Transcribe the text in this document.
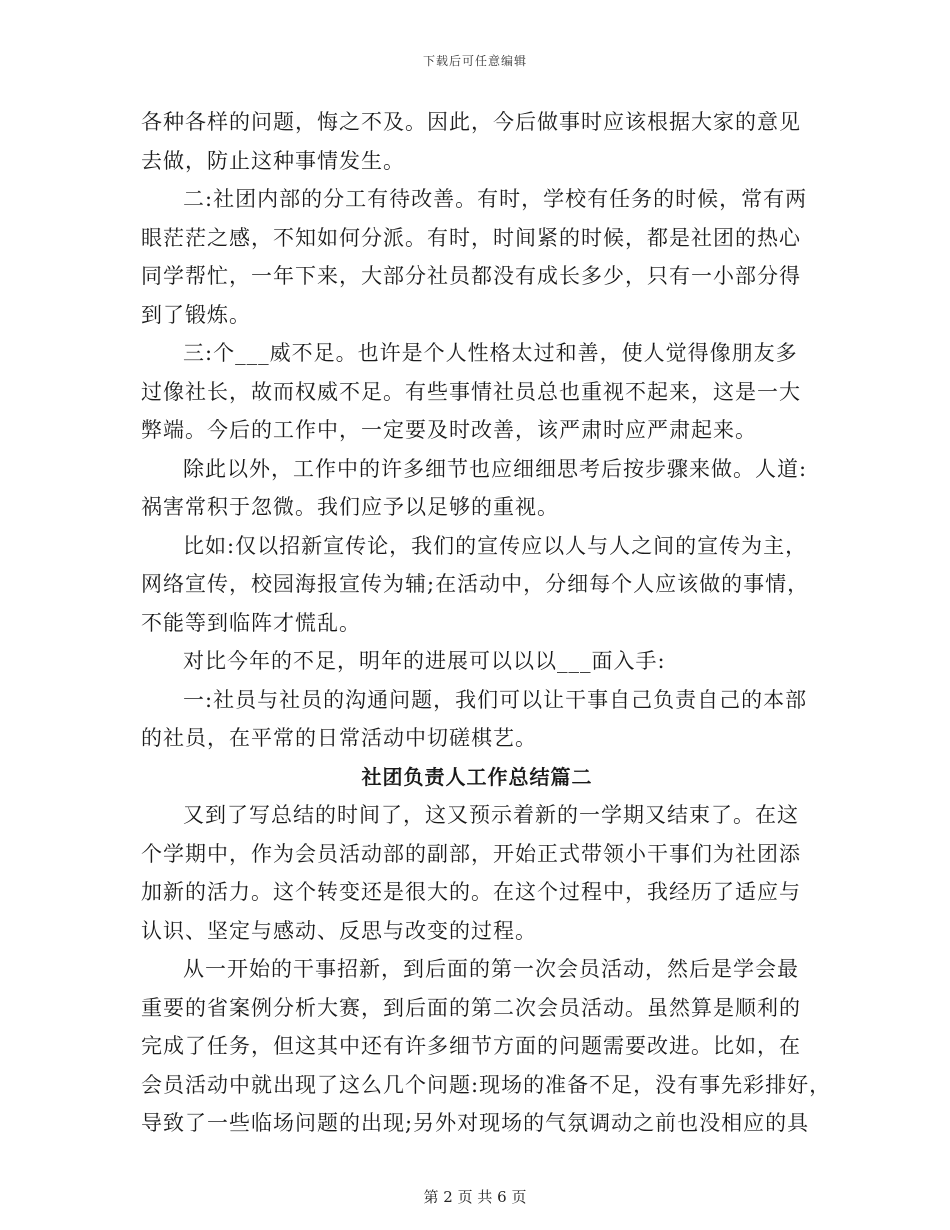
下载后可任意编辑
各种各样的问题，悔之不及。因此，今后做事时应该根据大家的意见
去做，防止这种事情发生。
二:社团内部的分工有待改善。有时，学校有任务的时候，常有两
眼茫茫之感，不知如何分派。有时，时间紧的时候，都是社团的热心
同学帮忙，一年下来，大部分社员都没有成长多少，只有一小部分得
到了锻炼。
三:个___威不足。也许是个人性格太过和善，使人觉得像朋友多
过像社长，故而权威不足。有些事情社员总也重视不起来，这是一大
弊端。今后的工作中，一定要及时改善，该严肃时应严肃起来。
除此以外，工作中的许多细节也应细细思考后按步骤来做。人道:
祸害常积于忽微。我们应予以足够的重视。
比如:仅以招新宣传论，我们的宣传应以人与人之间的宣传为主，
网络宣传，校园海报宣传为辅;在活动中，分细每个人应该做的事情，
不能等到临阵才慌乱。
对比今年的不足，明年的进展可以以以___面入手:
一:社员与社员的沟通问题，我们可以让干事自己负责自己的本部
的社员，在平常的日常活动中切磋棋艺。
社团负责人工作总结篇二
又到了写总结的时间了，这又预示着新的一学期又结束了。在这
个学期中，作为会员活动部的副部，开始正式带领小干事们为社团添
加新的活力。这个转变还是很大的。在这个过程中，我经历了适应与
认识、坚定与感动、反思与改变的过程。
从一开始的干事招新，到后面的第一次会员活动，然后是学会最
重要的省案例分析大赛，到后面的第二次会员活动。虽然算是顺利的
完成了任务，但这其中还有许多细节方面的问题需要改进。比如，在
会员活动中就出现了这么几个问题:现场的准备不足，没有事先彩排好，
导致了一些临场问题的出现;另外对现场的气氛调动之前也没相应的具
第 2 页 共 6 页
